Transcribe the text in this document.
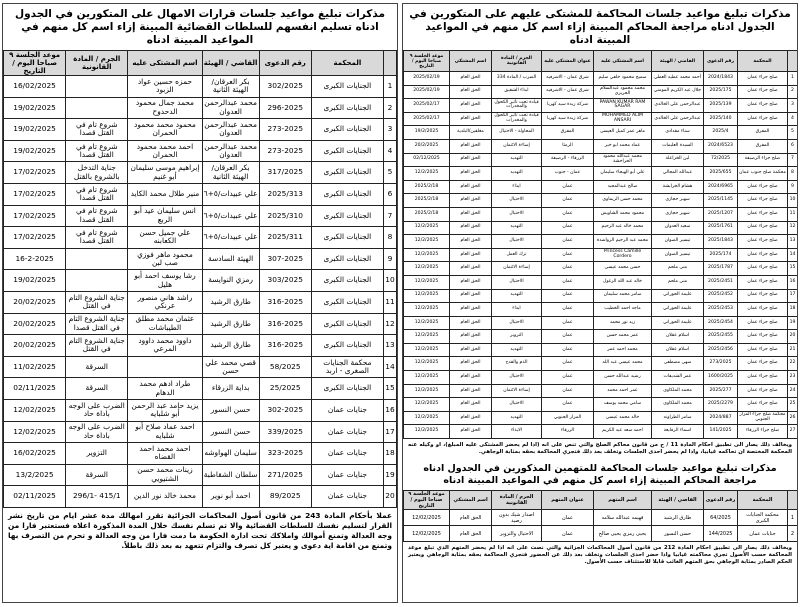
مذكرات تبليغ مواعيد جلسات قرارات الامهال على المتكورين في الجدول ادناه تسليم انفسهم للسلطات القضائية المبينة إزاء اسم كل منهم في المواعيد المبينة ادناه
	المحكمة	رقم الدعوى	القاضي / الهيئة	اسم المشتكى عليه	الجرم / المادة القانونية	موعد الجلسة ٩ صباحا اليوم / التاريخ
1	الجنايات الكبرى	302/2025	بكر العرقان/الهيئة الثانية	حمزه حسين عواد الزبود		16/02/2025
2	الجنايات الكبرى	296-2025	محمد عبدالرحمن العدوان	محمد جمال محمود الدحدوح		19/02/2025
3	الجنايات الكبرى	273-2025	محمد عبدالرحمن العدوان	محمود محمد محمود الحمران	شروع تام في القتل قصدا	19/02/2025
4	الجنايات الكبرى	273-2025	محمد عبدالرحمن العدوان	احمد محمد محمود الحمران	شروع تام في القتل قصدا	19/02/2025
5	الجنايات الكبرى	317/2025	بكر العرقان/الهيئة الثانية	إبراهيم موسى سليمان أبو غنيم	جناية التدخل بالشروع بالقتل	17/02/2025
6	الجنايات الكبرى	2025/313	علي عبيدات/٥+٦	منير طلال محمد الكايد	شروع تام في القتل قصدا	17/02/2025
7	الجنايات الكبرى	2025/310	علي عبيدات/٥+٦	انس سليمان عيد أبو الربع	شروع تام في القتل قصدا	17/02/2025
8	الجنايات الكبرى	2025/311	علي عبيدات/٥+٦	علي جميل حسن الكعابنه	شروع تام في القتل قصدا	17/02/2025
9	الجنايات الكبرى	307-2025	الهيئة السادسة	محمود ماهر فوزي صب لبن		16-2-2025
10	الجنايات الكبرى	303/2025	رمزي النوايسة	رشا يوسف احمد أبو هليل		19/02/2025
11	الجنايات الكبرى	316-2025	طارق الرشيد	راشد هاني منصور عرنكي	جناية الشروع التام في القتل	20/02/2025
12	الجنايات الكبرى	316-2025	طارق الرشيد	عثمان محمد مطلق الطيباشات	جناية الشروع التام في القتل قصدا	20/02/2025
13	الجنايات الكبرى	316-2025	طارق الرشيد	داوود محمد داوود المرعي	جناية الشروع التام في القتل	20/02/2025
14	محكمة الجنايات الصغرى - اربد	58/2025	قصي محمد علي حسن		السرقة	11/02/2025
15	الجنايات الكبرى	25/2025	بداية الزرقاء	طراد ادهم محمد الدهام	السرقة	02/11/2025
16	جنايات عمان	302-2025	حسن النسور	يزيد حامد عبد الرحمن أبو شلبايه	الضرب على الوجه باداة حاد	12/02/2025
17	جنايات عمان	339/2025	حسن النسور	احمد عماد صلاح أبو شلبايه	الضرب على الوجه باداة حاد	12/02/2025
18	جنايات عمان	323-2025	سليمان الهواوشه	احمد محمد احمد القضاه	التزوير	16/02/2025
19	جنايات عمان	271/2025	سلطان الشقاطبة	زينات محمد حسن الشتيويي	السرقة	13/2/2025
20	جنايات عمان	89/2025	احمد أبو نوير	محمد خالد نور الدين	415/1 -296/1	02/11/2025
عملا بأحكام المادة 243 من قانون أصول المحاكمات الجزائية تقرر امهالك مدة عشر ايام من تاريخ نشر القرار لتسليم نفسك للسلطات القضائية والا تم تسلم نفسك خلال المدة المذكورة اعلاه فستعتبر فارا من وجه العدالة وتمنع أموالك واملاكك تحت ادارة الحكومة ما دمت فارا من وجه العدالة و تحرم من التصرف بها وتمنع من اقامة اية دعوى و يعتبر كل تصرف والتزام تتعهد به بعد ذلك باطلاً.
مذكرات تبليغ مواعيد جلسات المحاكمة للمشتكى عليهم على المتكورين في الجدول ادناه مراجعة المحاكم المبينة إزاء اسم كل منهم في المواعيد المبينة ادناه
	المحكمة	رقم الدعوى	القاضي / الهيئة	اسم المشتكى عليه	عنوان المشتكى عليه	الجرم / المادة القانونية	اسم المشتكي	موعد الجلسة ٩ صباحا اليوم / التاريخ
1	صلح جزاء عمان	2024/1843	أحمد محمد عطيه العطي	سميح محمود خلفي سليم	شرق عمان - الاشرفيه	الضرب / المادة 334	الحق العام	2025/02/19
2	صلح جزاء عمان	2025/175	جلال عبد الكريم المومني	محمد محمود عبدالسلام الجريري	شرق عمان - الاشرفيه	ايذاء الشقيق	الحق العام	2025/02/19
3	صلح جزاء عمان	2025/139	عبدالرحمن علي الخالدي	PAWAN KUMAR RAM SAGAR	شركة زبدة سيد كهربا	قيادة تحت تأثير الكحول والمخدرات	الحق العام	2025/02/17
4	صلح جزاء عمان	2025/140	عبدالرحمن علي الخالدي	MOHAMMED ALIM ANSARI	شركة زبدة سيد كهربا	قيادة تحت تأثير الكحول والمخدرات	الحق العام	2025/02/17
5	المفرق	2025/4	سناء مقدادي	ماهر عمر كميل العيسى	المفرق	المحاولة - الاحتيال	مغلقين/البلدية	19/2/2025
6	المفرق	2024/6523	السيدة العليمات	عماد محمد ابو خير	الرمثا	إساءة الائتمان	الحق العام	20/2/2025
7	صلح جزاء الرصيفة	72/2025	لين الخزاعلة	محمد عبدالله محمود الحراحشة	الزرقاء - الرصيفة	التهديد	الحق العام	02/12/2025
8	محكمة صلح جنوب عمان	2025/655	عبدالله المجالي	علي أبو الهيجاء سليمان	عمان - جنوب	التهديد	الحق العام	12/2/2025
9	صلح جزاء عمان	2024/6965	هشام الخرابشة	صالح عبدالمجيد	عمان	ايذاء	الحق العام	2025/2/18
10	صلح جزاء عمان	2025/1145	سهير حجازي	محمد حسن الريماوي	عمان	الاحتيال	الحق العام	2025/2/18
11	صلح جزاء عمان	2025/1207	سهير حجازي	محمود محمد الشاويش	عمان	الاحتيال	الحق العام	2025/2/18
12	صلح جزاء عمان	2025/1761	سعيد العدوان	محمد خالد عبد الرحيم	عمان	التهديد	الحق العام	12/2/2025
13	صلح جزاء عمان	2025/1843	تيسير الصوان	محمد عبد الرحيم الرواشدة	عمان	الاحتيال	الحق العام	12/2/2025
14	صلح جزاء عمان	2025/174	تيسير الصوان	Princess Camille Cordero	عمان	ترك العمل	الحق العام	12/2/2025
15	صلح جزاء عمان	2025/1787	منى ملحم	حسن محمد عيسى	عمان	إساءة الائتمان	الحق العام	12/2/2025
16	صلح جزاء عمان	2025/2451	منى ملحم	خالد عبد الله الزغول	عمان	الاحتيال	الحق العام	12/2/2025
17	صلح جزاء عمان	2025/2452	عليمة الحوراني	سامر محمد سليمان	عمان	التهديد	الحق العام	12/2/2025
18	صلح جزاء عمان	2025/2453	عليمة الحوراني	ماجد احمد الخطيب	عمان	ايذاء	الحق العام	12/2/2025
19	صلح جزاء عمان	2025/2454	عليمة الحوراني	زيد نور محمد	عمان	الاحتيال	الحق العام	12/2/2025
20	صلح جزاء عمان	2025/2455	اسلام عقلان	عمر محمد حسن	عمان	التزوير	الحق العام	12/2/2025
21	صلح جزاء عمان	2025/2456	اسلام عقلان	محمد احمد عمر	عمان	التهديد	الحق العام	12/2/2025
22	صلح جزاء عمان	273/2025	سهى مصطفى	محمد عيسى عبد الله	عمان	الذم والقدح	الحق العام	12/2/2025
23	صلح جزاء عمان	1600/2025	عمر الشديفات	رشيد عبدالله حسن	عمان	الاحتيال	الحق العام	12/2/2025
24	صلح جزاء عمان	2025/277	محمد الملكاوي	عمر احمد محمد	عمان	إساءة الائتمان	الحق العام	12/2/2025
25	صلح جزاء عمان	2025/2279	محمد الملكاوي	سامي محمد يوسف	عمان	الاحتيال	الحق العام	12/2/2025
26	محكمة صلح جزاء المزار الجنوبي	2024/887	سامر الطراونه	خالد محمد عيسى	المزار الجنوبي	التهديد	الحق العام	12/2/2025
27	صلح جزاء الزرقاء	141/2025	اسماء الرفايعة	احمد سعد عبد الكريم	الزرقاء	الايذاء	الحق العام	12/2/2025
ويخالف ذلك يصار الى تطبيق احكام المادة 11 / ج من قانون محاكم الصلح والتي تنص على انه (اذا لم يحضر المشتكى عليه المبلغ)، او وكيله عنه المحكمة المختصة ان تحاكمه غيابيا، واذا لم يحضر احدى الجلسات وتخلف بعد ذلك فتجري المحاكمة بحقه بمثابة الوجاهي.
مذكرات تبليغ مواعيد جلسات المحاكمة للمتهمين المذكورين في الجدول ادناه مراجعة المحاكم المبينة إزاء اسم كل منهم في المواعيد المبينة ادناه
	المحكمة	رقم الدعوى	القاضي / الهيئة	اسم المتهم	عنوان المتهم	الجرم / المادة القانونية	اسم المشتكي	موعد الجلسة ٩ صباحا اليوم / التاريخ
1	محكمة الجنايات الكبرى	64/2025	طارق الرشيد	فهيمه عبدالله سلامه	عمان	اصدار شيك بدون رصيد	الحق العام	12/02/2025
2	جنايات عمان	144/2025	حسن النسور	يحيى رمزي يحيى صالح	عمان	الاحتيال والتزوير	الحق العام	12/02/2025
ويخالف ذلك يصار الى تطبيق احكام المادة 212 من قانون أصول المحاكمات الجزائية والتي نصت على انه اذا لم يحضر المتهم الذي تبلغ موعد المحاكمة حسب الأصول تجري محاكمته غيابيا واذا حضر احدى الجلسات وتخلف بعد ذلك عن الحضور فتجري المحاكمة بحقه بمثابة الوجاهي ويعتبر الحكم الصادر بمثابة الوجاهي بحق المتهم الغائب قابلا للاستئناف حسب الأصول.
